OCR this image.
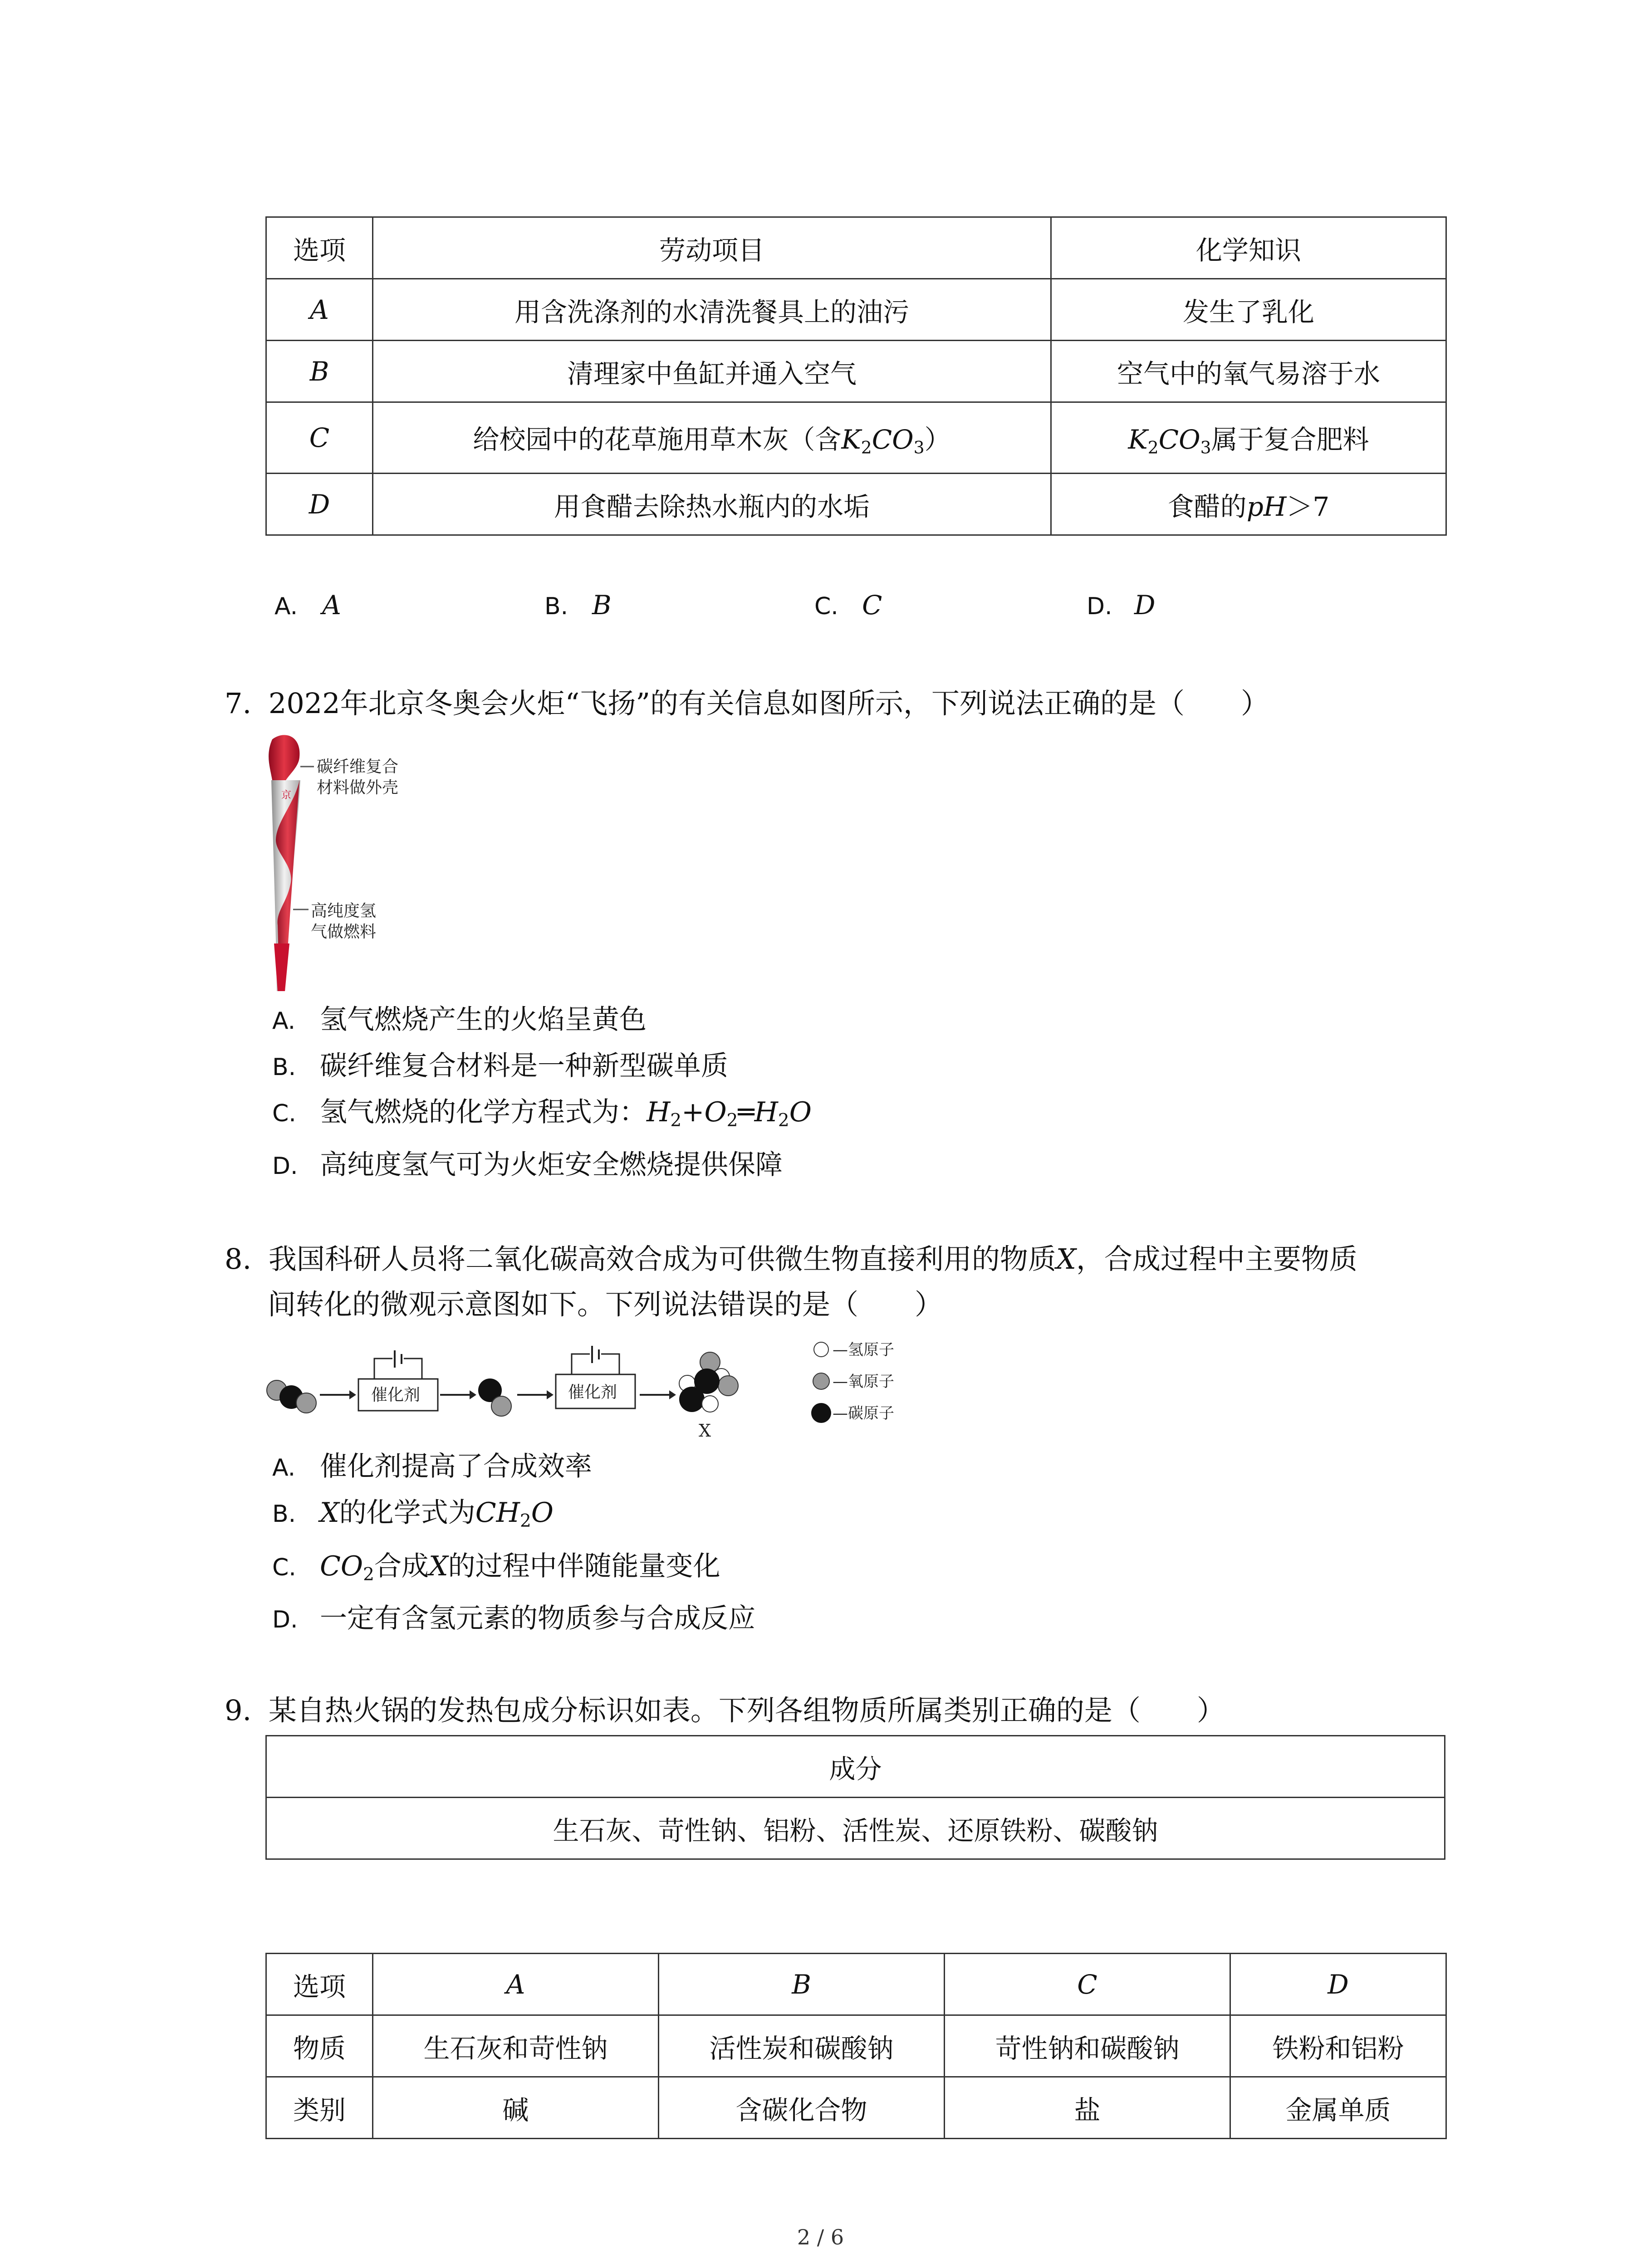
选项	劳动项目	化学知识
A	用含洗涤剂的水清洗餐具上的油污	发生了乳化
B	清理家中鱼缸并通入空气	空气中的氧气易溶于水
C	给校园中的花草施用草木灰（含$K_2CO_3$）	$K_2CO_3$属于复合肥料
D	用食醋去除热水瓶内的水垢	食醋的pH＞7
A. A	B. B	C. C	D. D
7. 2022年北京冬奥会火炬“飞扬”的有关信息如图所示，下列说法正确的是（　　）
京
碳纤维复合
材料做外壳
高纯度氢
气做燃料
A. 氢气燃烧产生的火焰呈黄色
B. 碳纤维复合材料是一种新型碳单质
C. 氢气燃烧的化学方程式为：$H_2+O_2═H_2O$
D. 高纯度氢气可为火炬安全燃烧提供保障
8. 我国科研人员将二氧化碳高效合成为可供微生物直接利用的物质X，合成过程中主要物质
间转化的微观示意图如下。下列说法错误的是（　　）
催化剂	催化剂
X
—氢原子
—氧原子
—碳原子
A. 催化剂提高了合成效率
B. X的化学式为$CH_2O$
C. $CO_2$合成X的过程中伴随能量变化
D. 一定有含氢元素的物质参与合成反应
9. 某自热火锅的发热包成分标识如表。下列各组物质所属类别正确的是（　　）
成分
生石灰、苛性钠、铝粉、活性炭、还原铁粉、碳酸钠
选项	A	B	C	D
物质	生石灰和苛性钠	活性炭和碳酸钠	苛性钠和碳酸钠	铁粉和铝粉
类别	碱	含碳化合物	盐	金属单质
2 / 6
